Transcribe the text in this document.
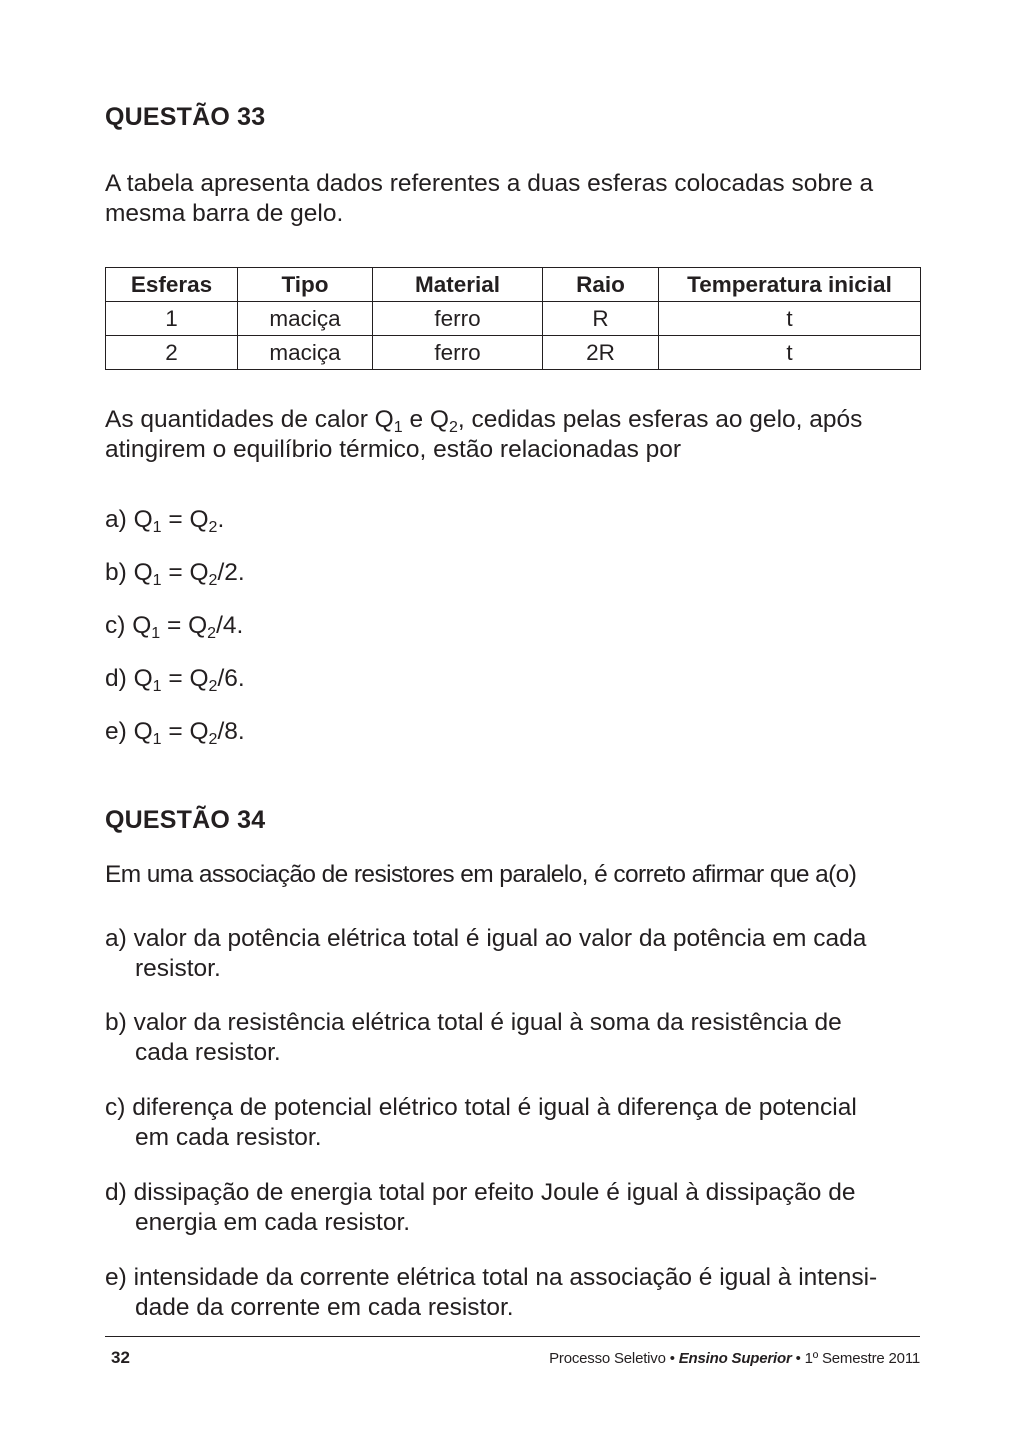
QUESTÃO 33
A tabela apresenta dados referentes a duas esferas colocadas sobre a mesma barra de gelo.
Esferas	Tipo	Material	Raio	Temperatura inicial
1	maciça	ferro	R	t
2	maciça	ferro	2R	t
As quantidades de calor $Q_1$ e $Q_2$, cedidas pelas esferas ao gelo, após atingirem o equilíbrio térmico, estão relacionadas por
a) $Q_1 = Q_2$.
b) $Q_1 = Q_2/2$.
c) $Q_1 = Q_2/4$.
d) $Q_1 = Q_2/6$.
e) $Q_1 = Q_2/8$.
QUESTÃO 34
Em uma associação de resistores em paralelo, é correto afirmar que a(o)
a) valor da potência elétrica total é igual ao valor da potência em cada
resistor.
b) valor da resistência elétrica total é igual à soma da resistência de
cada resistor.
c) diferença de potencial elétrico total é igual à diferença de potencial
em cada resistor.
d) dissipação de energia total por efeito Joule é igual à dissipação de
energia em cada resistor.
e) intensidade da corrente elétrica total na associação é igual à intensi-
dade da corrente em cada resistor.
32	Processo Seletivo • Ensino Superior • 1º Semestre 2011
